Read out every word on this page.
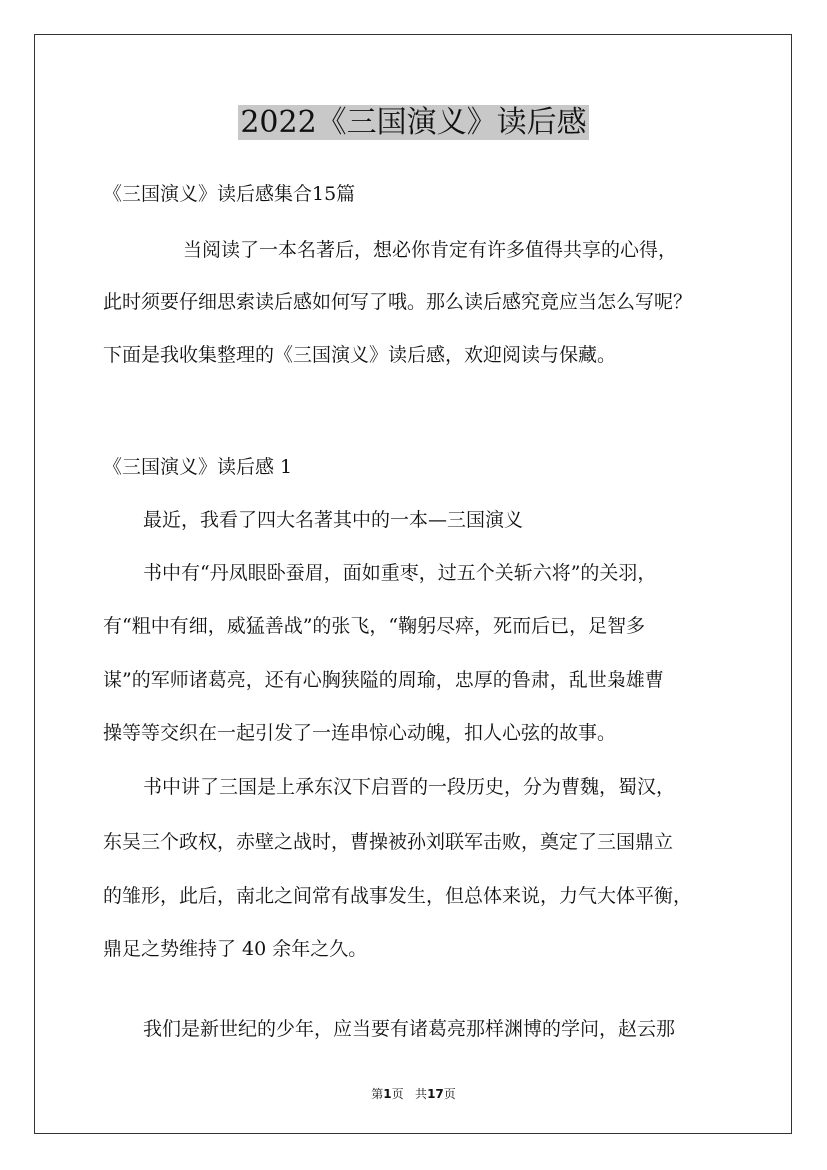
2022《三国演义》读后感
《三国演义》读后感集合15篇
当阅读了一本名著后，想必你肯定有许多值得共享的心得，
此时须要仔细思索读后感如何写了哦。那么读后感究竟应当怎么写呢？
下面是我收集整理的《三国演义》读后感，欢迎阅读与保藏。
《三国演义》读后感 1
最近，我看了四大名著其中的一本—三国演义
书中有“丹凤眼卧蚕眉，面如重枣，过五个关斩六将”的关羽，
有“粗中有细，威猛善战”的张飞，“鞠躬尽瘁，死而后已，足智多
谋”的军师诸葛亮，还有心胸狭隘的周瑜，忠厚的鲁肃，乱世枭雄曹
操等等交织在一起引发了一连串惊心动魄，扣人心弦的故事。
书中讲了三国是上承东汉下启晋的一段历史，分为曹魏，蜀汉，
东吴三个政权，赤壁之战时，曹操被孙刘联军击败，奠定了三国鼎立
的雏形，此后，南北之间常有战事发生，但总体来说，力气大体平衡，
鼎足之势维持了 40 余年之久。
我们是新世纪的少年，应当要有诸葛亮那样渊博的学问，赵云那
第1页 共17页
